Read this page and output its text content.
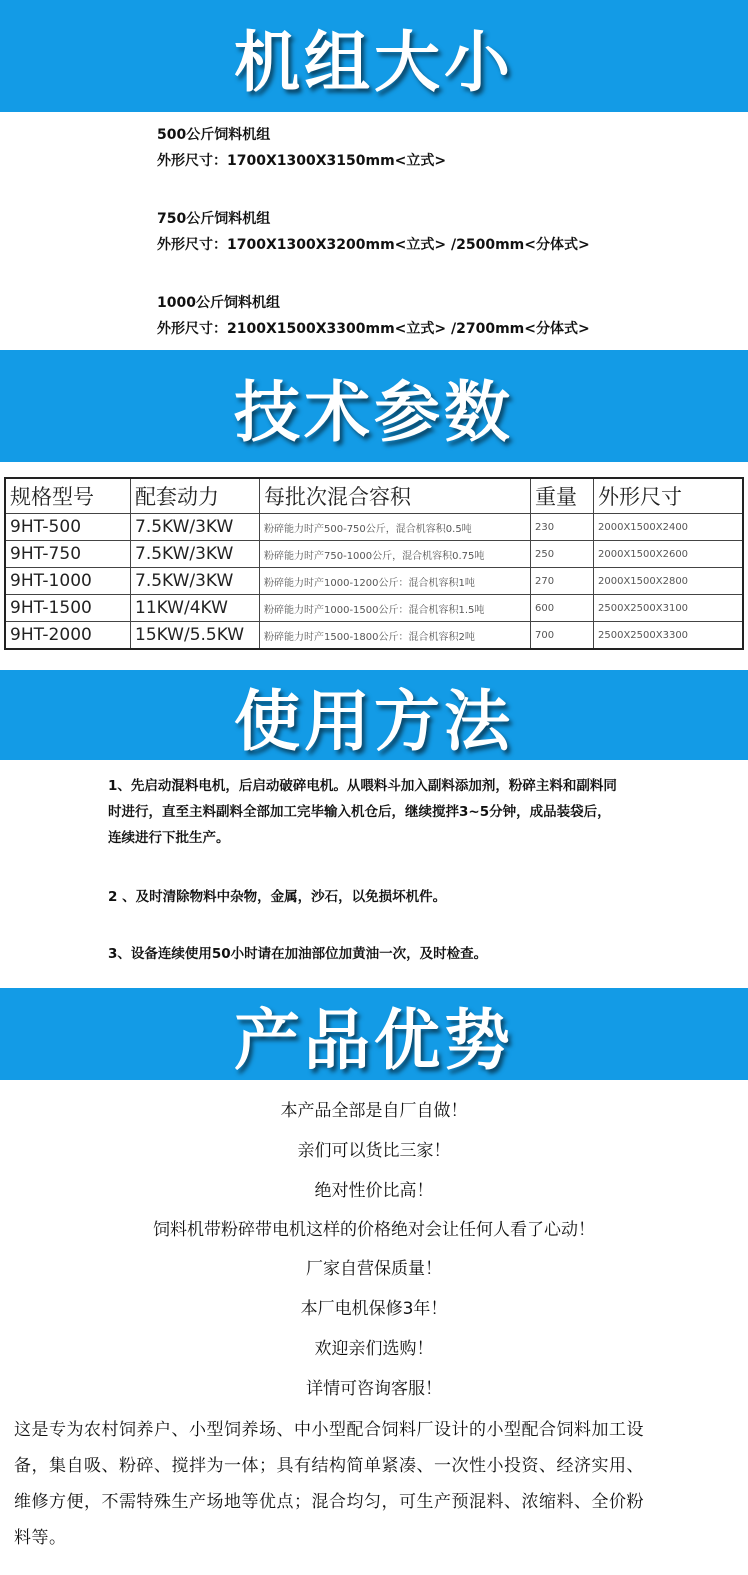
机组大小
500公斤饲料机组
外形尺寸：1700X1300X3150mm<立式>
750公斤饲料机组
外形尺寸：1700X1300X3200mm<立式> /2500mm<分体式>
1000公斤饲料机组
外形尺寸：2100X1500X3300mm<立式> /2700mm<分体式>
技术参数
规格型号	配套动力	每批次混合容积	重量	外形尺寸
9HT-500	7.5KW/3KW	粉碎能力时产500-750公斤，混合机容积0.5吨	230	2000X1500X2400
9HT-750	7.5KW/3KW	粉碎能力时产750-1000公斤，混合机容积0.75吨	250	2000X1500X2600
9HT-1000	7.5KW/3KW	粉碎能力时产1000-1200公斤：混合机容积1吨	270	2000X1500X2800
9HT-1500	11KW/4KW	粉碎能力时产1000-1500公斤：混合机容积1.5吨	600	2500X2500X3100
9HT-2000	15KW/5.5KW	粉碎能力时产1500-1800公斤：混合机容积2吨	700	2500X2500X3300
使用方法
1、先启动混料电机，后启动破碎电机。从喂料斗加入副料添加剂，粉碎主料和副料同
时进行，直至主料副料全部加工完毕输入机仓后，继续搅拌3~5分钟，成品装袋后，
连续进行下批生产。
2 、及时清除物料中杂物，金属，沙石，以免损坏机件。
3、设备连续使用50小时请在加油部位加黄油一次，及时检查。
产品优势
本产品全部是自厂自做！
亲们可以货比三家！
绝对性价比高！
饲料机带粉碎带电机这样的价格绝对会让任何人看了心动！
厂家自营保质量！
本厂电机保修3年！
欢迎亲们选购！
详情可咨询客服！
这是专为农村饲养户、小型饲养场、中小型配合饲料厂设计的小型配合饲料加工设
备，集自吸、粉碎、搅拌为一体；具有结构简单紧凑、一次性小投资、经济实用、
维修方便，不需特殊生产场地等优点；混合均匀，可生产预混料、浓缩料、全价粉
料等。
